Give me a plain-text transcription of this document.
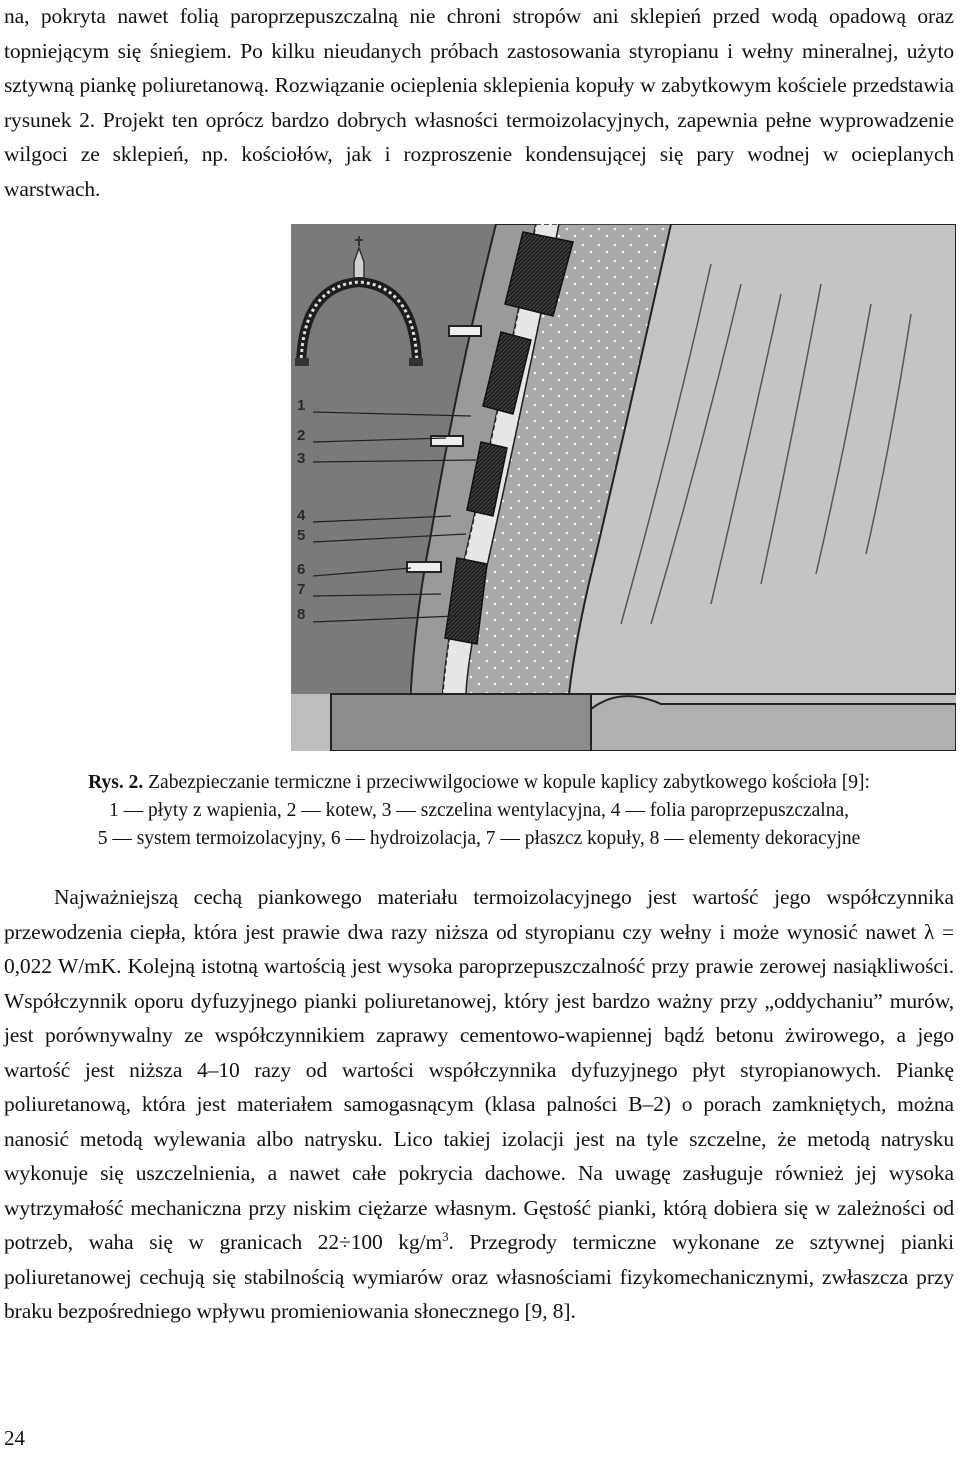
na, pokryta nawet folią paroprzepuszczalną nie chroni stropów ani sklepień przed wodą opadową oraz topniejącym się śniegiem. Po kilku nieudanych próbach zastosowania styropianu i wełny mineralnej, użyto sztywną piankę poliuretanową. Rozwiązanie ocieplenia sklepienia kopuły w zabytkowym kościele przedstawia rysunek 2. Projekt ten oprócz bardzo dobrych własności termoizolacyjnych, zapewnia pełne wyprowadzenie wilgoci ze sklepień, np. kościołów, jak i rozproszenie kondensującej się pary wodnej w ocieplanych warstwach.

1
2
3
4
5
6
7
8
Rys. 2. Zabezpieczanie termiczne i przeciwwilgociowe w kopule kaplicy zabytkowego kościoła [9]:
1 — płyty z wapienia, 2 — kotew, 3 — szczelina wentylacyjna, 4 — folia paroprzepuszczalna,
5 — system termoizolacyjny, 6 — hydroizolacja, 7 — płaszcz kopuły, 8 — elementy dekoracyjne

Najważniejszą cechą piankowego materiału termoizolacyjnego jest wartość jego współczynnika przewodzenia ciepła, która jest prawie dwa razy niższa od styropianu czy wełny i może wynosić nawet λ = 0,022 W/mK. Kolejną istotną wartością jest wysoka paroprzepuszczalność przy prawie zerowej nasiąkliwości. Współczynnik oporu dyfuzyjnego pianki poliuretanowej, który jest bardzo ważny przy „oddychaniu” murów, jest porównywalny ze współczynnikiem zaprawy cementowo-wapiennej bądź betonu żwirowego, a jego wartość jest niższa 4–10 razy od wartości współczynnika dyfuzyjnego płyt styropianowych. Piankę poliuretanową, która jest materiałem samogasnącym (klasa palności B–2) o porach zamkniętych, można nanosić metodą wylewania albo natrysku. Lico takiej izolacji jest na tyle szczelne, że metodą natrysku wykonuje się uszczelnienia, a nawet całe pokrycia dachowe. Na uwagę zasługuje również jej wysoka wytrzymałość mechaniczna przy niskim ciężarze własnym. Gęstość pianki, którą dobiera się w zależności od potrzeb, waha się w granicach 22÷100 $kg/m^3$. Przegrody termiczne wykonane ze sztywnej pianki poliuretanowej cechują się stabilnością wymiarów oraz własnościami fizykomechanicznymi, zwłaszcza przy braku bezpośredniego wpływu promieniowania słonecznego [9, 8].

24
